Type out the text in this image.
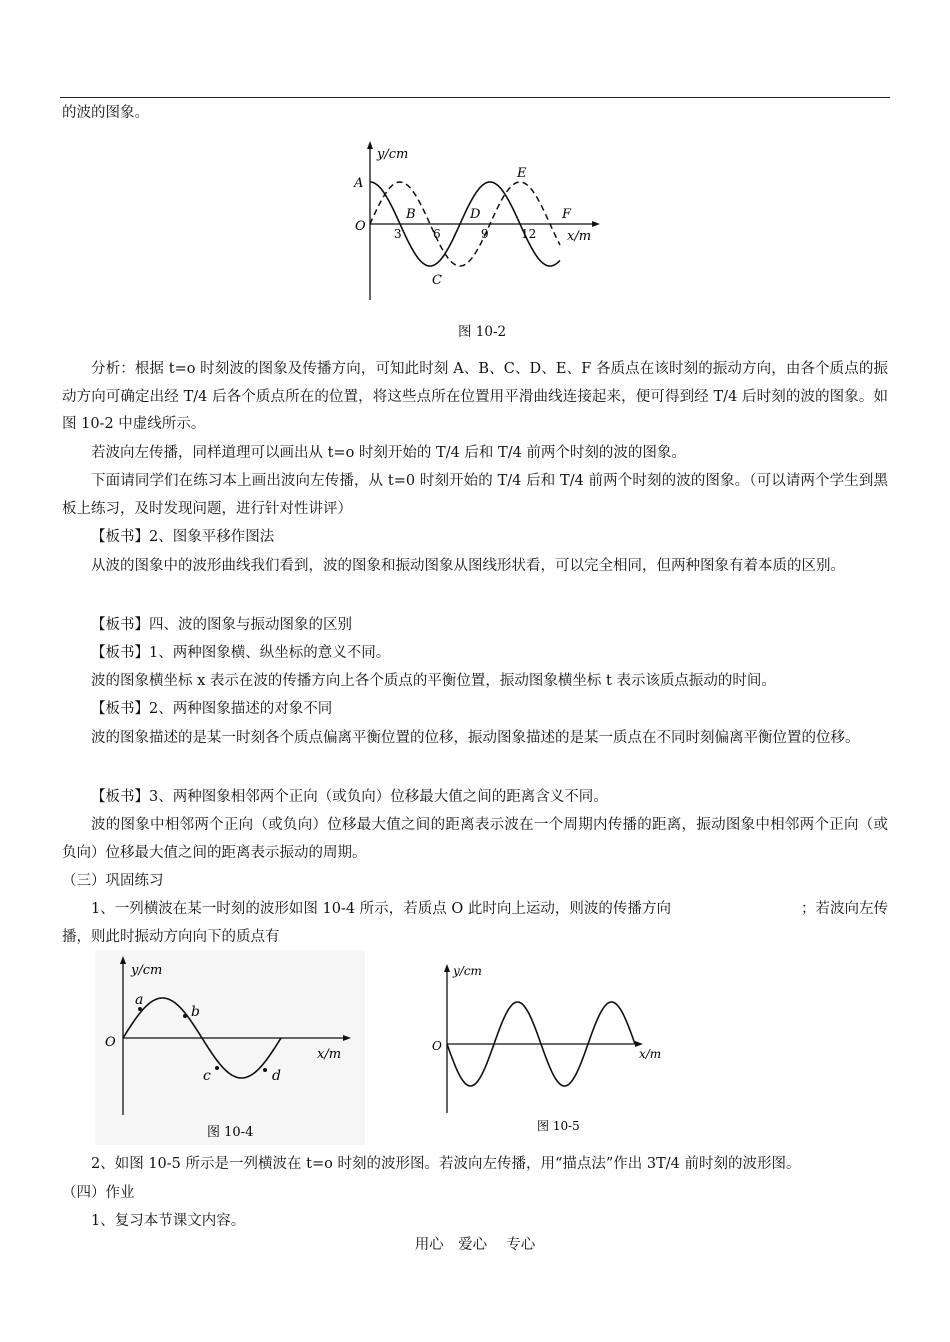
的波的图象。
y/cm
x/m
O 3	6	9	12
A
B
C
D
E
F
图 10-2
分析：根据 t=o 时刻波的图象及传播方向，可知此时刻 A、B、C、D、E、F 各质点在该时刻的振动方向，由各个质点的振动方向可确定出经 T/4 后各个质点所在的位置，将这些点所在位置用平滑曲线连接起来，便可得到经 T/4 后时刻的波的图象。如图 10-2 中虚线所示。
若波向左传播，同样道理可以画出从 t=o 时刻开始的 T/4 后和 T/4 前两个时刻的波的图象。
下面请同学们在练习本上画出波向左传播，从 t=0 时刻开始的 T/4 后和 T/4 前两个时刻的波的图象。（可以请两个学生到黑板上练习，及时发现问题，进行针对性讲评）
【板书】2、图象平移作图法
从波的图象中的波形曲线我们看到，波的图象和振动图象从图线形状看，可以完全相同，但两种图象有着本质的区别。
【板书】四、波的图象与振动图象的区别
【板书】1、两种图象横、纵坐标的意义不同。
波的图象横坐标 x 表示在波的传播方向上各个质点的平衡位置，振动图象横坐标 t 表示该质点振动的时间。
【板书】2、两种图象描述的对象不同
波的图象描述的是某一时刻各个质点偏离平衡位置的位移，振动图象描述的是某一质点在不同时刻偏离平衡位置的位移。
【板书】3、两种图象相邻两个正向（或负向）位移最大值之间的距离含义不同。
波的图象中相邻两个正向（或负向）位移最大值之间的距离表示波在一个周期内传播的距离，振动图象中相邻两个正向（或负向）位移最大值之间的距离表示振动的周期。
（三）巩固练习
1、一列横波在某一时刻的波形如图 10-4 所示，若质点 O 此时向上运动，则波的传播方向	；若波向左传播，则此时振动方向向下的质点有
y/cm
x/m
O
a
b
c	d
图 10-4
y/cm
x/m
O
图 10-5
2、如图 10-5 所示是一列横波在 t=o 时刻的波形图。若波向左传播，用“描点法”作出 3T/4 前时刻的波形图。
（四）作业
1、复习本节课文内容。
用心　爱心　 专心
